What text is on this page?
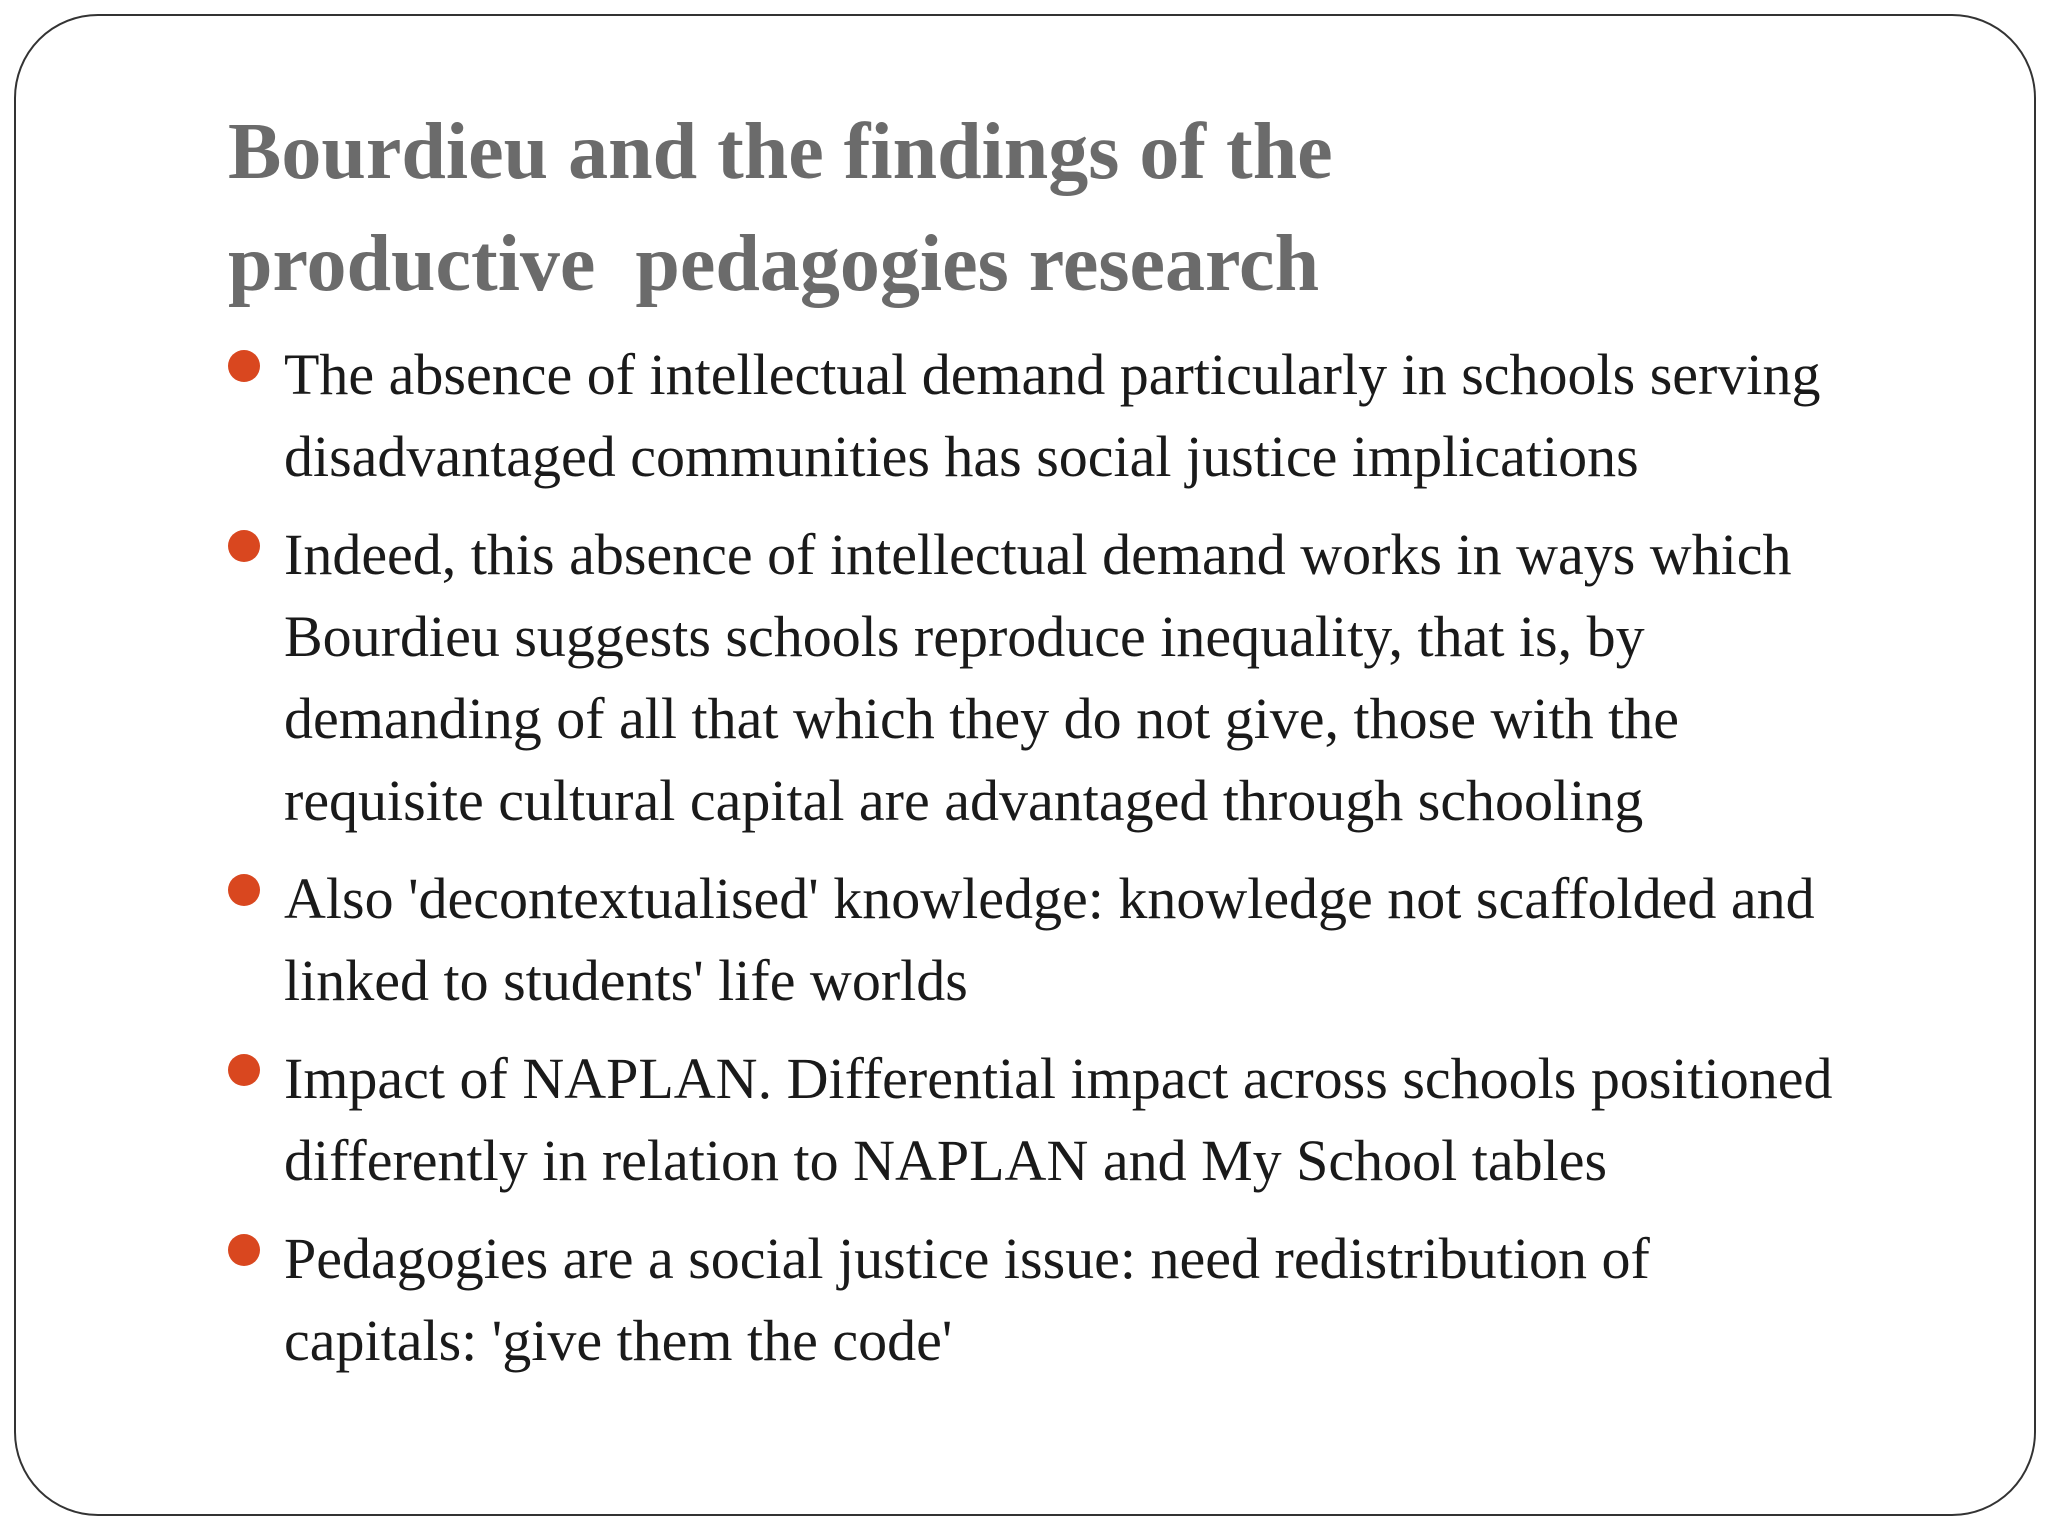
Bourdieu and the findings of the
productive  pedagogies research
The absence of intellectual demand particularly in schools serving
disadvantaged communities has social justice implications
Indeed, this absence of intellectual demand works in ways which
Bourdieu suggests schools reproduce inequality, that is, by
demanding of all that which they do not give, those with the
requisite cultural capital are advantaged through schooling
Also 'decontextualised' knowledge: knowledge not scaffolded and
linked to students' life worlds
Impact of NAPLAN. Differential impact across schools positioned
differently in relation to NAPLAN and My School tables
Pedagogies are a social justice issue: need redistribution of
capitals: 'give them the code'
